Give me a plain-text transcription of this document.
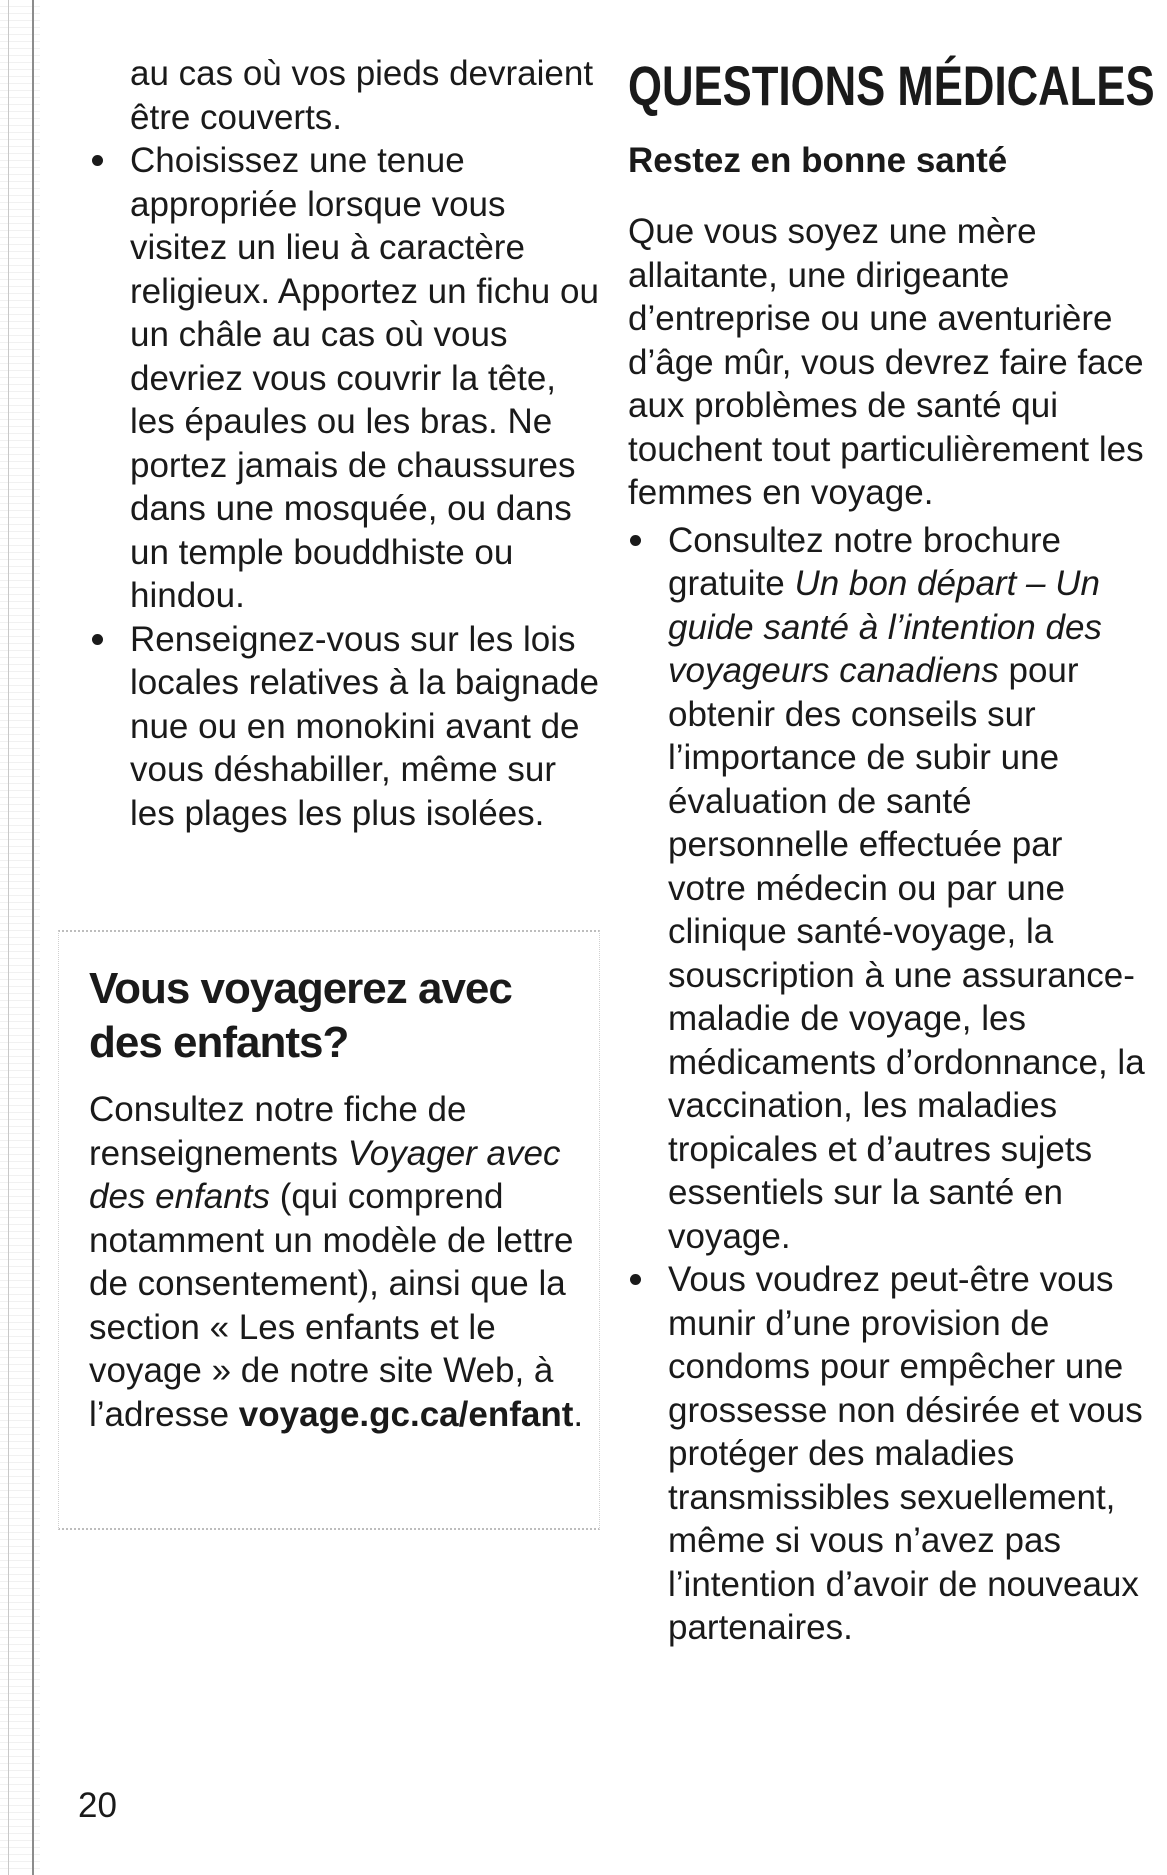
au cas où vos pieds devraient être couverts.

Choisissez une tenue appropriée lorsque vous visitez un lieu à caractère religieux. Apportez un fichu ou un châle au cas où vous devriez vous couvrir la tête, les épaules ou les bras. Ne portez jamais de chaussures dans une mosquée, ou dans un temple bouddhiste ou hindou.
Renseignez-vous sur les lois locales relatives à la baignade nue ou en monokini avant de vous déshabiller, même sur les plages les plus isolées.
Vous voyagerez avec des enfants?

Consultez notre fiche de renseignements Voyager avec des enfants (qui comprend notamment un modèle de lettre de consentement), ainsi que la section « Les enfants et le voyage » de notre site Web, à l’adresse voyage.gc.ca/enfant.

QUESTIONS MÉDICALES
Restez en bonne santé

Que vous soyez une mère allaitante, une dirigeante d’entreprise ou une aventurière d’âge mûr, vous devrez faire face aux problèmes de santé qui touchent tout particulièrement les femmes en voyage.

Consultez notre brochure gratuite Un bon départ – Un guide santé à l’intention des voyageurs canadiens pour obtenir des conseils sur l’importance de subir une évaluation de santé personnelle effectuée par votre médecin ou par une clinique santé-voyage, la souscription à une assurance-maladie de voyage, les médicaments d’ordonnance, la vaccination, les maladies tropicales et d’autres sujets essentiels sur la santé en voyage.
Vous voudrez peut-être vous munir d’une provision de condoms pour empêcher une grossesse non désirée et vous protéger des maladies transmissibles sexuellement, même si vous n’avez pas l’intention d’avoir de nouveaux partenaires.
20
